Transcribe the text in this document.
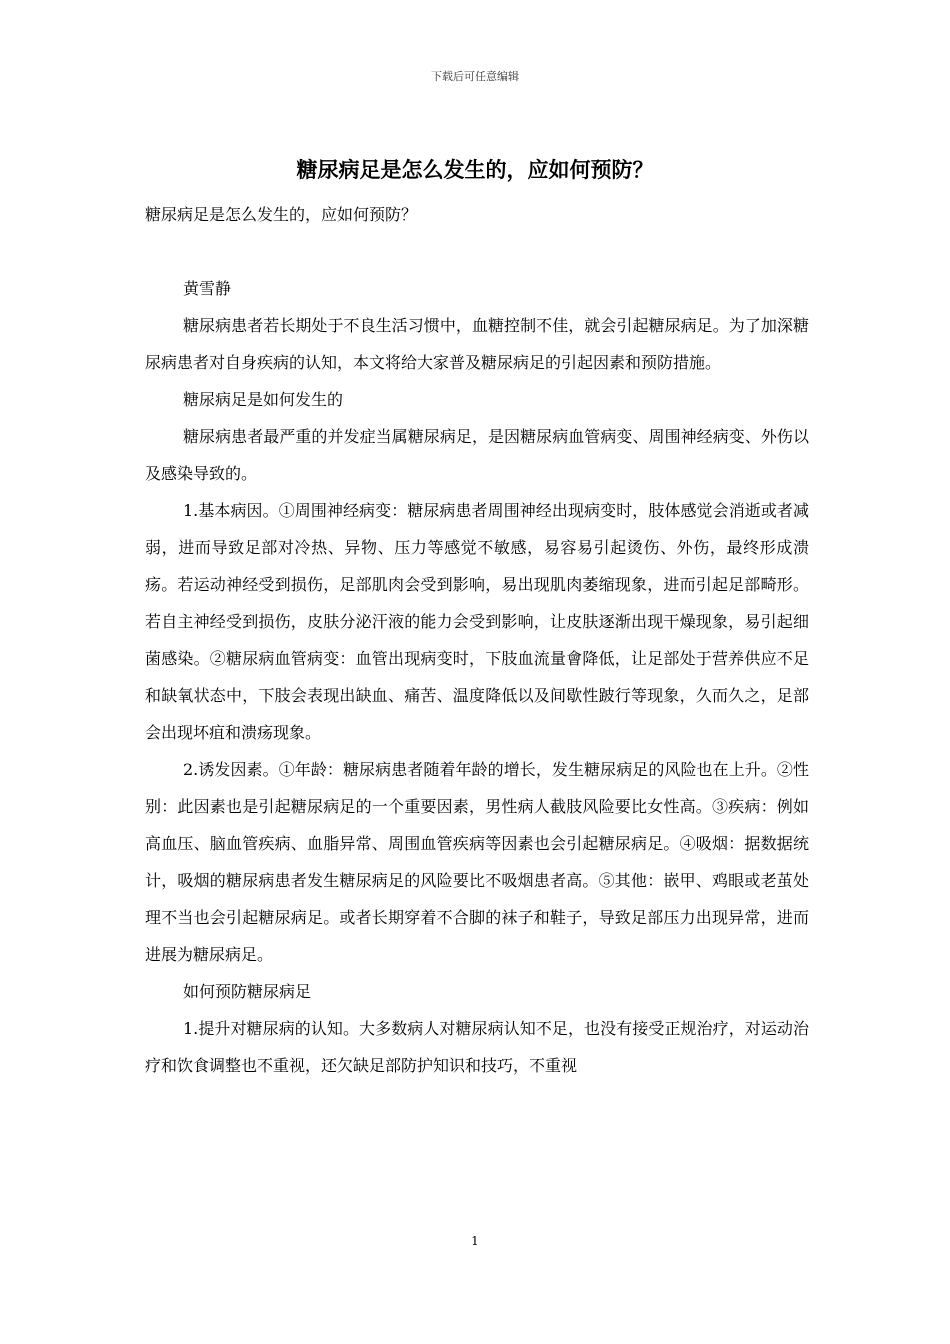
下载后可任意编辑
糖尿病足是怎么发生的，应如何预防？

糖尿病足是怎么发生的，应如何预防？

黄雪静

糖尿病患者若长期处于不良生活习惯中，血糖控制不佳，就会引起糖尿病足。为了加深糖尿病患者对自身疾病的认知，本文将给大家普及糖尿病足的引起因素和预防措施。

糖尿病足是如何发生的

糖尿病患者最严重的并发症当属糖尿病足，是因糖尿病血管病变、周围神经病变、外伤以及感染导致的。

1.基本病因。①周围神经病变：糖尿病患者周围神经出现病变时，肢体感觉会消逝或者减弱，进而导致足部对冷热、异物、压力等感觉不敏感，易容易引起烫伤、外伤，最终形成溃疡。若运动神经受到损伤，足部肌肉会受到影响，易出现肌肉萎缩现象，进而引起足部畸形。若自主神经受到损伤，皮肤分泌汗液的能力会受到影响，让皮肤逐渐出现干燥现象，易引起细菌感染。②糖尿病血管病变：血管出现病变时，下肢血流量會降低，让足部处于营养供应不足和缺氧状态中，下肢会表现出缺血、痛苦、温度降低以及间歇性跛行等现象，久而久之，足部会出现坏疽和溃疡现象。

2.诱发因素。①年龄：糖尿病患者随着年龄的增长，发生糖尿病足的风险也在上升。②性别：此因素也是引起糖尿病足的一个重要因素，男性病人截肢风险要比女性高。③疾病：例如高血压、脑血管疾病、血脂异常、周围血管疾病等因素也会引起糖尿病足。④吸烟：据数据统计，吸烟的糖尿病患者发生糖尿病足的风险要比不吸烟患者高。⑤其他：嵌甲、鸡眼或老茧处理不当也会引起糖尿病足。或者长期穿着不合脚的袜子和鞋子，导致足部压力出现异常，进而进展为糖尿病足。

如何预防糖尿病足

1.提升对糖尿病的认知。大多数病人对糖尿病认知不足，也没有接受正规治疗，对运动治疗和饮食调整也不重视，还欠缺足部防护知识和技巧，不重视

1
